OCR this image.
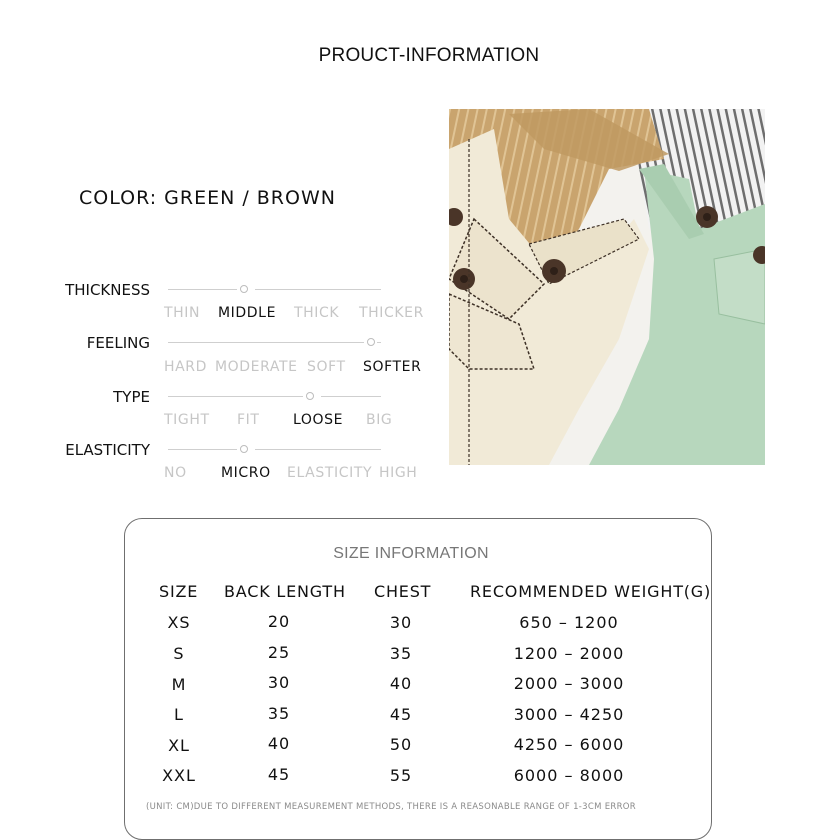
PROUCT-INFORMATION
COLOR: GREEN / BROWN
THICKNESS
THIN MIDDLE THICK THICKER
FEELING
HARD MODERATE SOFT SOFTER
TYPE
TIGHT FIT LOOSE BIG
ELASTICITY
NO MICRO ELASTICITY HIGH
SIZE INFORMATION
SIZE BACK LENGTH CHEST RECOMMENDED WEIGHT(G)
XS	20	30	650 – 1200
S	25	35	1200 – 2000
M	30	40	2000 – 3000
L	35	45	3000 – 4250
XL	40	50	4250 – 6000
XXL	45	55	6000 – 8000
(UNIT: CM)DUE TO DIFFERENT MEASUREMENT METHODS, THERE IS A REASONABLE RANGE OF 1-3CM ERROR
